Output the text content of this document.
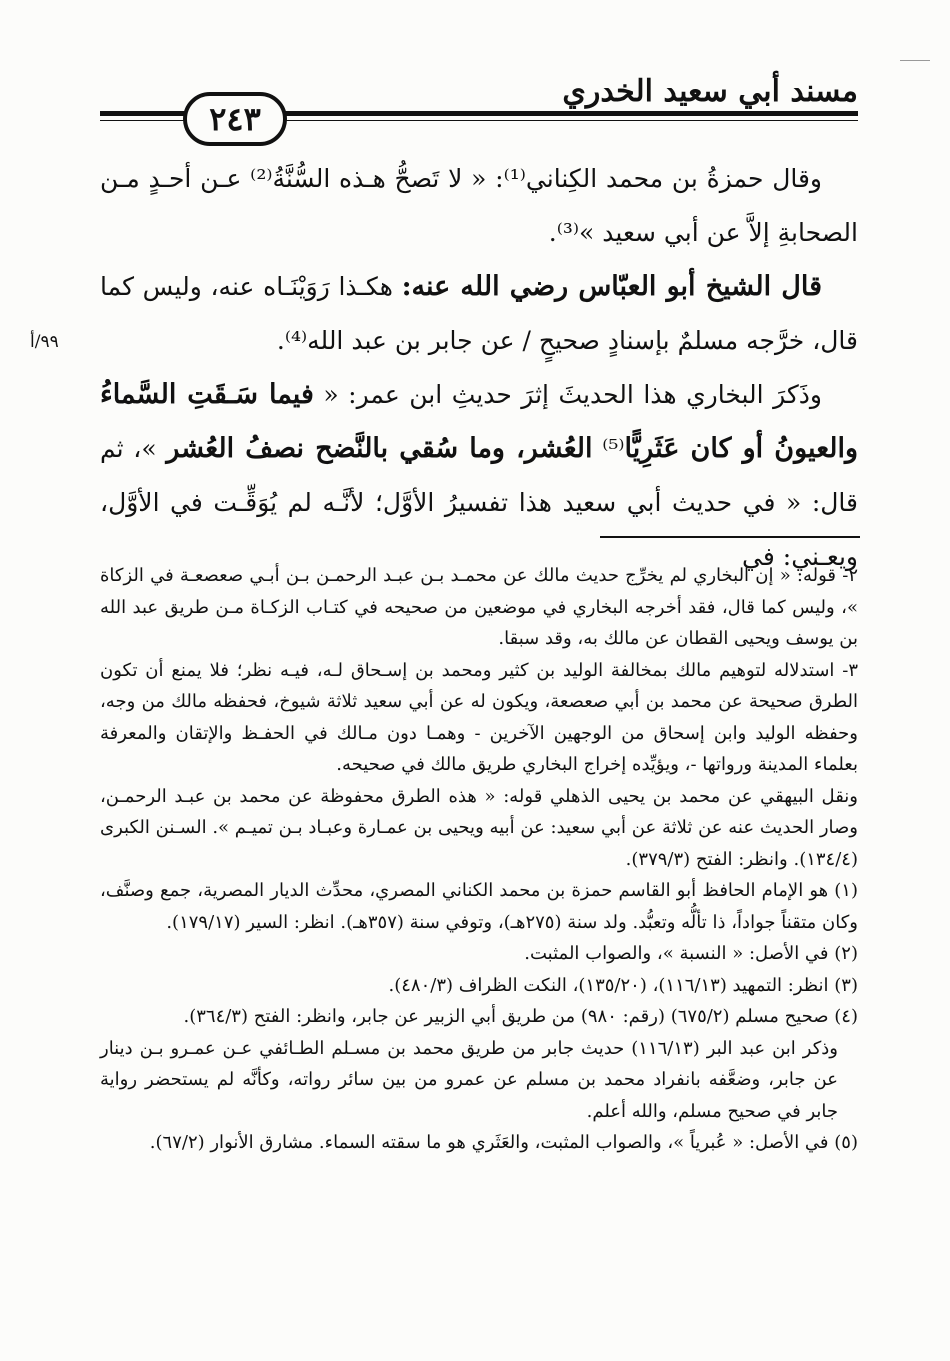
مسند أبي سعيد الخدري
٢٤٣
٩٩/أ

وقال حمزةُ بن محمد الكِناني⁽¹⁾: « لا تَصحُّ هـذه السُّنَّةُ⁽²⁾ عـن أحـدٍ مـن الصحابةِ إلاَّ عن أبي سعيد »⁽³⁾.

قال الشيخ أبو العبّاس رضي الله عنه: هكـذا رَوَيْنَـاه عنه، وليس كما قال، خرَّجه مسلمٌ بإسنادٍ صحيحٍ / عن جابر بن عبد الله⁽⁴⁾.

وذَكرَ البخاري هذا الحديثَ إثرَ حديثِ ابن عمر: « فيما سَـقَتِ السَّماءُ والعيونُ أو كان عَثَرِيًّا⁽⁵⁾ العُشر، وما سُقي بالنَّضح نصفُ العُشر »، ثم قال: « في حديث أبي سعيد هذا تفسيرُ الأوَّل؛ لأنَّـه لم يُوَقِّـت في الأوَّل، ويعـني: في

٢- قوله: « إن البخاري لم يخرِّج حديث مالك عن محمـد بـن عبـد الرحمـن بـن أبـي صعصعـة في الزكاة »، وليس كما قال، فقد أخرجه البخاري في موضعين من صحيحه في كتـاب الزكـاة مـن طريق عبد الله بن يوسف ويحيى القطان عن مالك به، وقد سبقا.

٣- استدلاله لتوهيم مالك بمخالفة الوليد بن كثير ومحمد بن إسـحاق لـه، فيـه نظر؛ فلا يمنع أن تكون الطرق صحيحة عن محمد بن أبي صعصعة، ويكون له عن أبي سعيد ثلاثة شيوخ، فحفظه مالك من وجه، وحفظه الوليد وابن إسحاق من الوجهين الآخرين - وهمـا دون مـالك في الحفـظ والإتقان والمعرفة بعلماء المدينة ورواتها -، ويؤيِّده إخراج البخاري طريق مالك في صحيحه.

ونقل البيهقي عن محمد بن يحيى الذهلي قوله: « هذه الطرق محفوظة عن محمد بن عبـد الرحمـن، وصار الحديث عنه عن ثلاثة عن أبي سعيد: عن أبيه ويحيى بن عمـارة وعبـاد بـن تميـم ». السـنن الكبرى (١٣٤/٤). وانظر: الفتح (٣٧٩/٣).

(١) هو الإمام الحافظ أبو القاسم حمزة بن محمد الكناني المصري، محدِّث الديار المصرية، جمع وصنَّف، وكان متقناً جواداً، ذا تألُّه وتعبُّد. ولد سنة (٢٧٥هـ)، وتوفي سنة (٣٥٧هـ). انظر: السير (١٧٩/١٧).

(٢) في الأصل: « النسبة »، والصواب المثبت.

(٣) انظر: التمهيد (١١٦/١٣)، (١٣٥/٢٠)، النكت الظراف (٤٨٠/٣).

(٤) صحيح مسلم (٦٧٥/٢) (رقم: ٩٨٠) من طريق أبي الزبير عن جابر، وانظر: الفتح (٣٦٤/٣).

وذكر ابن عبد البر (١١٦/١٣) حديث جابر من طريق محمد بن مسـلم الطـائفي عـن عمـرو بـن دينار عن جابر، وضعَّفه بانفراد محمد بن مسلم عن عمرو من بين سائر رواته، وكأنَّه لم يستحضر رواية جابر في صحيح مسلم، والله أعلم.

(٥) في الأصل: « عُبرياً »، والصواب المثبت، والعَثَري هو ما سقته السماء. مشارق الأنوار (٦٧/٢).
